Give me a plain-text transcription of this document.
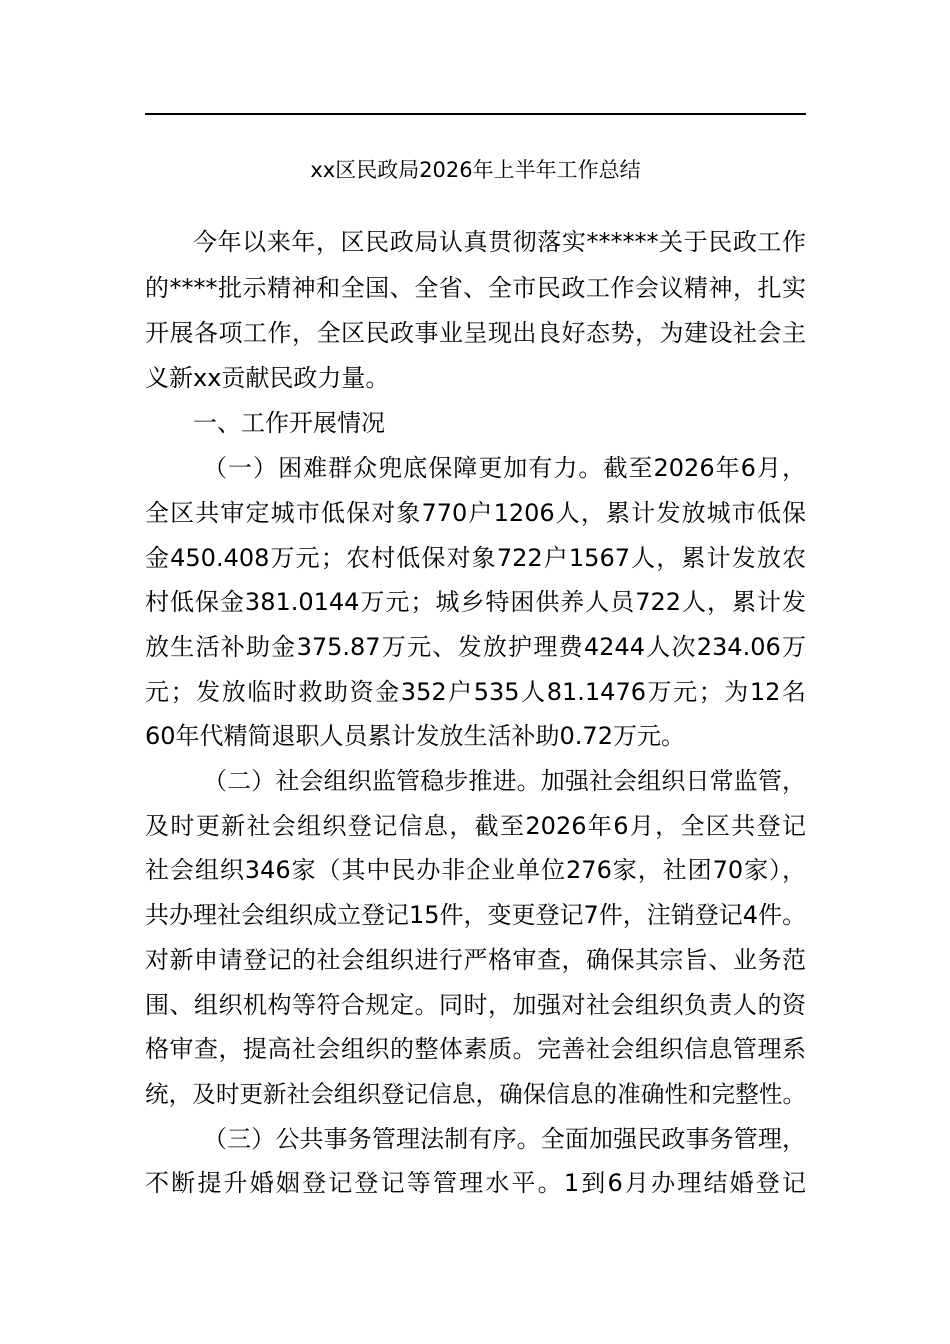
xx区民政局2026年上半年工作总结
今年以来年，区民政局认真贯彻落实******关于民政工作
的****批示精神和全国、全省、全市民政工作会议精神，扎实
开展各项工作，全区民政事业呈现出良好态势，为建设社会主
义新xx贡献民政力量。
一、工作开展情况
（一）困难群众兜底保障更加有力。截至2026年6月，
全区共审定城市低保对象770户1206人，累计发放城市低保
金450.408万元；农村低保对象722户1567人，累计发放农
村低保金381.0144万元；城乡特困供养人员722人，累计发
放生活补助金375.87万元、发放护理费4244人次234.06万
元；发放临时救助资金352户535人81.1476万元；为12名
60年代精简退职人员累计发放生活补助0.72万元。
（二）社会组织监管稳步推进。加强社会组织日常监管，
及时更新社会组织登记信息，截至2026年6月，全区共登记
社会组织346家（其中民办非企业单位276家，社团70家），
共办理社会组织成立登记15件，变更登记7件，注销登记4件。
对新申请登记的社会组织进行严格审查，确保其宗旨、业务范
围、组织机构等符合规定。同时，加强对社会组织负责人的资
格审查，提高社会组织的整体素质。完善社会组织信息管理系
统，及时更新社会组织登记信息，确保信息的准确性和完整性。
（三）公共事务管理法制有序。全面加强民政事务管理，
不断提升婚姻登记登记等管理水平。1到6月办理结婚登记
